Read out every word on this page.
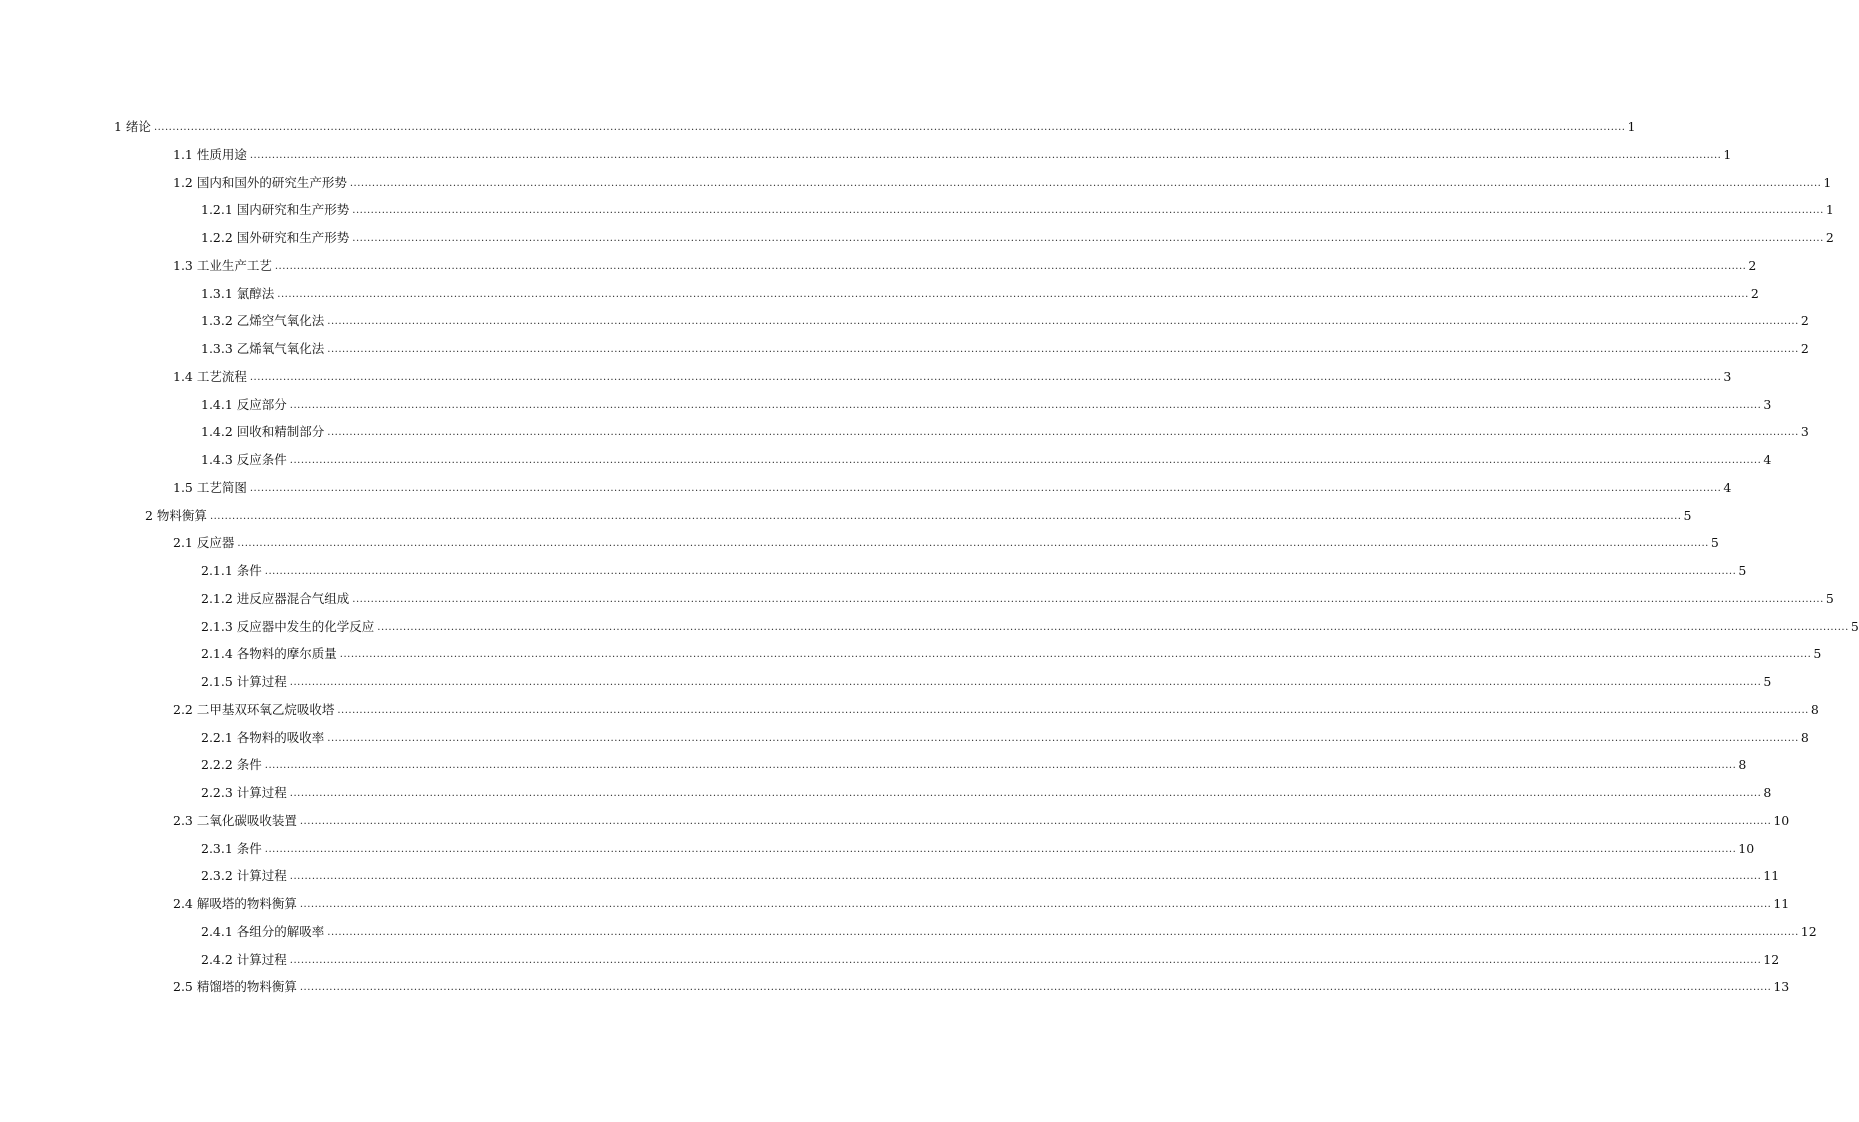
1 绪论 ................................................................................................................................................................................................................................................................................................................................................................................................................ 1
1.1 性质用途 ................................................................................................................................................................................................................................................................................................................................................................................................................ 1
1.2 国内和国外的研究生产形势 ................................................................................................................................................................................................................................................................................................................................................................................................................ 1
1.2.1 国内研究和生产形势 ................................................................................................................................................................................................................................................................................................................................................................................................................ 1
1.2.2 国外研究和生产形势 ................................................................................................................................................................................................................................................................................................................................................................................................................ 2
1.3 工业生产工艺 ................................................................................................................................................................................................................................................................................................................................................................................................................ 2
1.3.1 氯醇法 ................................................................................................................................................................................................................................................................................................................................................................................................................ 2
1.3.2 乙烯空气氧化法 ................................................................................................................................................................................................................................................................................................................................................................................................................ 2
1.3.3 乙烯氧气氧化法 ................................................................................................................................................................................................................................................................................................................................................................................................................ 2
1.4 工艺流程 ................................................................................................................................................................................................................................................................................................................................................................................................................ 3
1.4.1 反应部分 ................................................................................................................................................................................................................................................................................................................................................................................................................ 3
1.4.2 回收和精制部分 ................................................................................................................................................................................................................................................................................................................................................................................................................ 3
1.4.3 反应条件 ................................................................................................................................................................................................................................................................................................................................................................................................................ 4
1.5 工艺简图 ................................................................................................................................................................................................................................................................................................................................................................................................................ 4
2 物料衡算 ................................................................................................................................................................................................................................................................................................................................................................................................................ 5
2.1 反应器 ................................................................................................................................................................................................................................................................................................................................................................................................................ 5
2.1.1 条件 ................................................................................................................................................................................................................................................................................................................................................................................................................ 5
2.1.2 进反应器混合气组成 ................................................................................................................................................................................................................................................................................................................................................................................................................ 5
2.1.3 反应器中发生的化学反应 ................................................................................................................................................................................................................................................................................................................................................................................................................ 5
2.1.4 各物料的摩尔质量 ................................................................................................................................................................................................................................................................................................................................................................................................................ 5
2.1.5 计算过程 ................................................................................................................................................................................................................................................................................................................................................................................................................ 5
2.2 二甲基双环氧乙烷吸收塔 ................................................................................................................................................................................................................................................................................................................................................................................................................ 8
2.2.1 各物料的吸收率 ................................................................................................................................................................................................................................................................................................................................................................................................................ 8
2.2.2 条件 ................................................................................................................................................................................................................................................................................................................................................................................................................ 8
2.2.3 计算过程 ................................................................................................................................................................................................................................................................................................................................................................................................................ 8
2.3 二氧化碳吸收装置 ................................................................................................................................................................................................................................................................................................................................................................................................................ 10
2.3.1 条件 ................................................................................................................................................................................................................................................................................................................................................................................................................ 10
2.3.2 计算过程 ................................................................................................................................................................................................................................................................................................................................................................................................................ 11
2.4 解吸塔的物料衡算 ................................................................................................................................................................................................................................................................................................................................................................................................................ 11
2.4.1 各组分的解吸率 ................................................................................................................................................................................................................................................................................................................................................................................................................ 12
2.4.2 计算过程 ................................................................................................................................................................................................................................................................................................................................................................................................................ 12
2.5 精馏塔的物料衡算 ................................................................................................................................................................................................................................................................................................................................................................................................................ 13
